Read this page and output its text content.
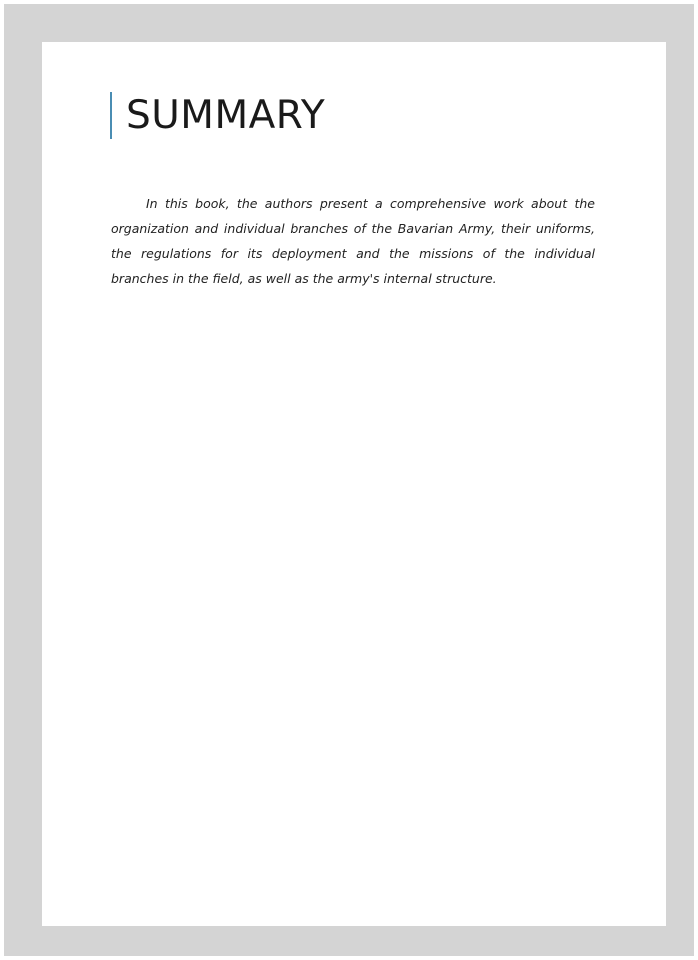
SUMMARY

In this book, the authors present a comprehensive work about the organization and individual branches of the Bavarian Army, their uniforms, the regulations for its deployment and the missions of the individual branches in the field, as well as the army's internal structure.
